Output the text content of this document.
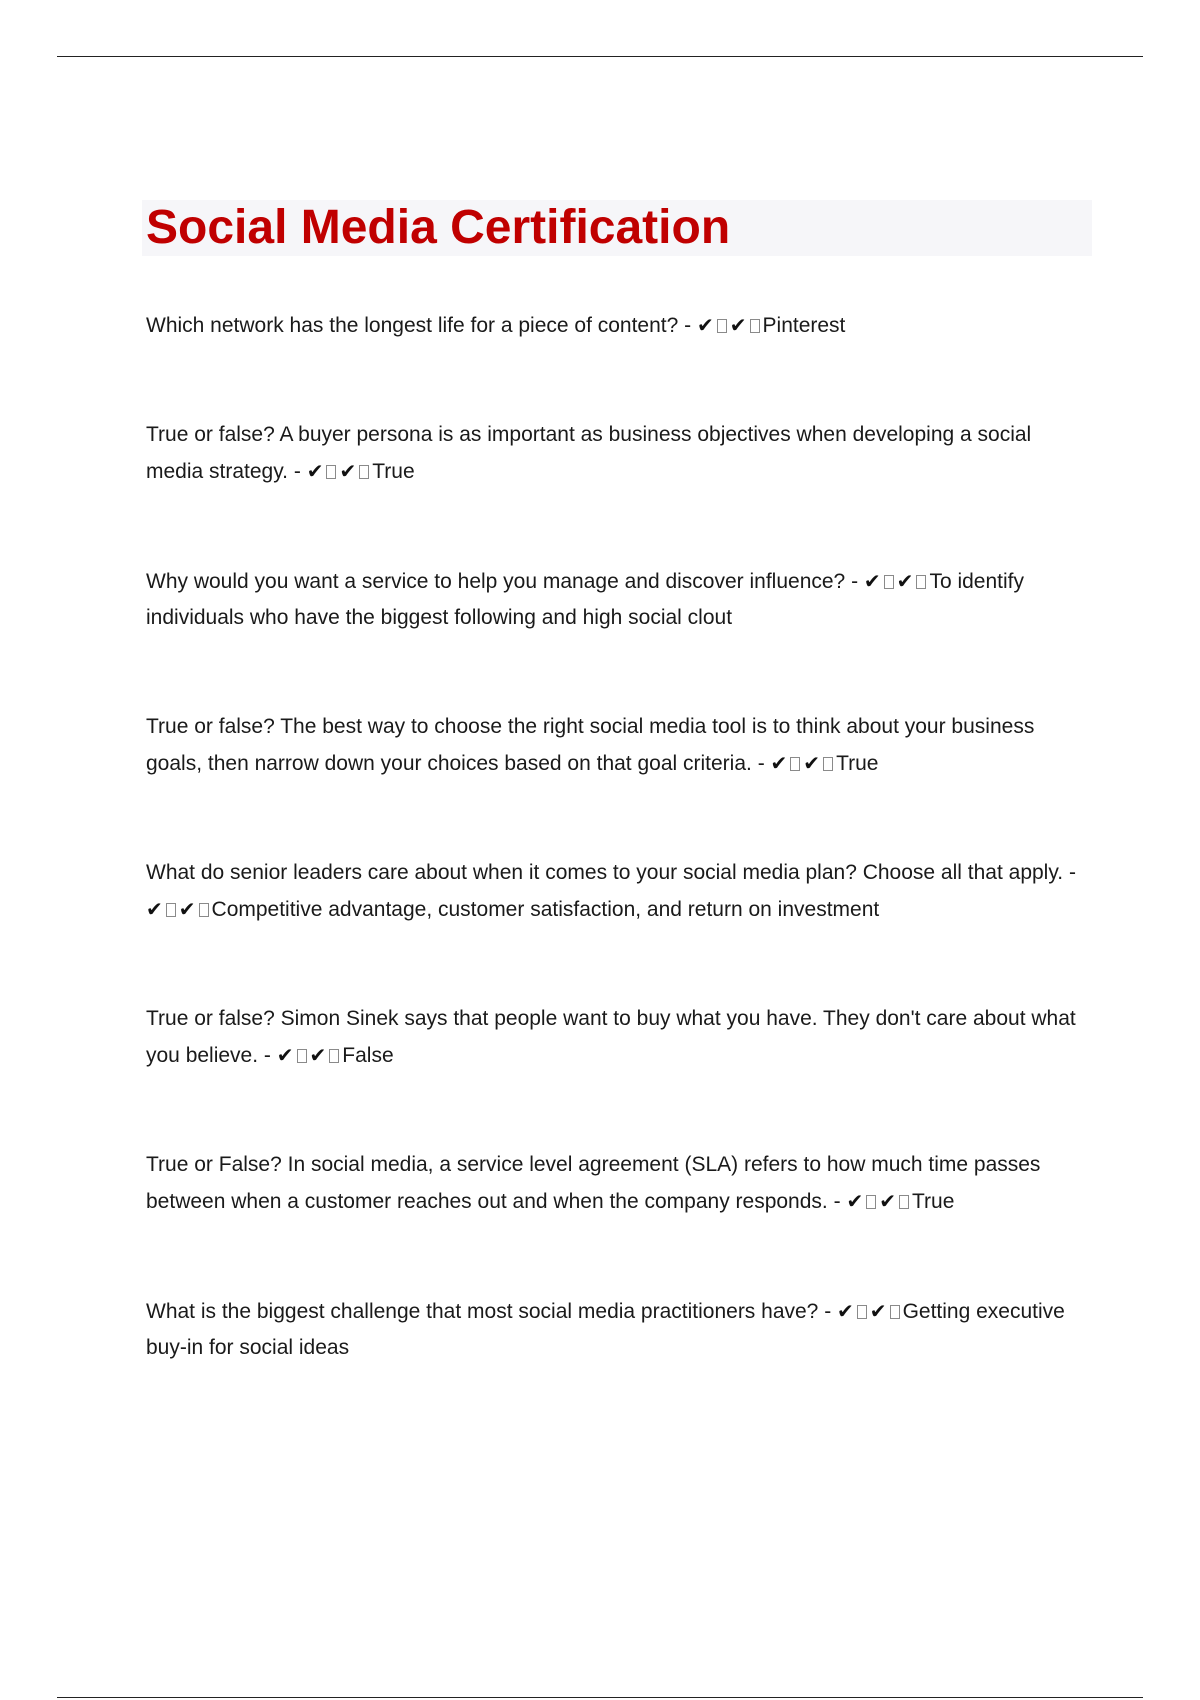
Social Media Certification

Which network has the longest life for a piece of content? - ✔ ✔ Pinterest

True or false? A buyer persona is as important as business objectives when developing a social media strategy. - ✔ ✔ True

Why would you want a service to help you manage and discover influence? - ✔ ✔ To identify individuals who have the biggest following and high social clout

True or false? The best way to choose the right social media tool is to think about your business goals, then narrow down your choices based on that goal criteria. - ✔ ✔ True

What do senior leaders care about when it comes to your social media plan? Choose all that apply. - ✔ ✔ Competitive advantage, customer satisfaction, and return on investment

True or false? Simon Sinek says that people want to buy what you have. They don't care about what you believe. - ✔ ✔ False

True or False? In social media, a service level agreement (SLA) refers to how much time passes between when a customer reaches out and when the company responds. - ✔ ✔ True

What is the biggest challenge that most social media practitioners have? - ✔ ✔ Getting executive buy-in for social ideas
